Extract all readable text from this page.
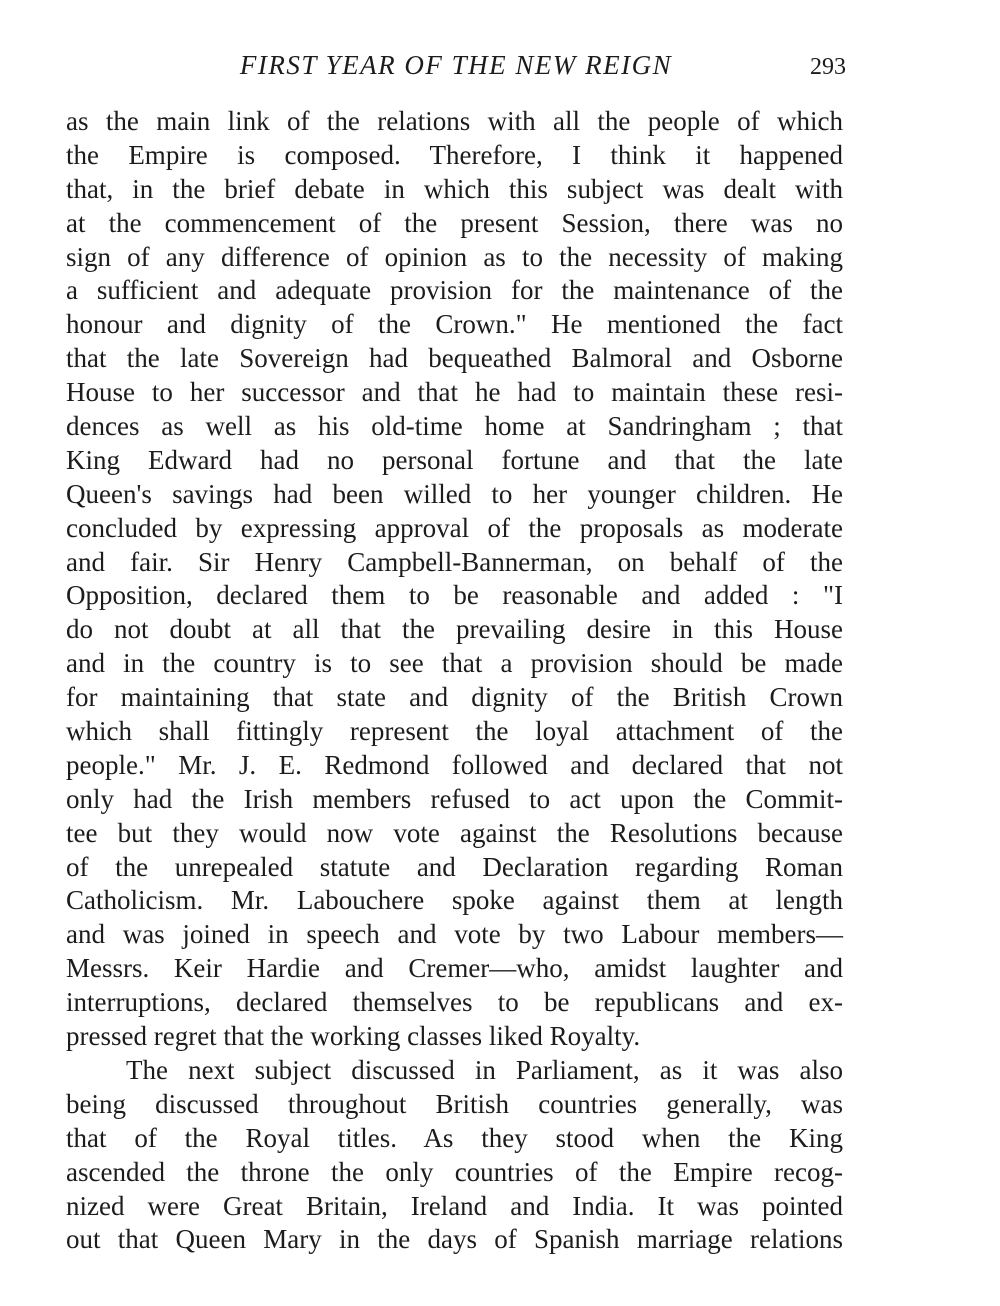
FIRST YEAR OF THE NEW REIGN	293
as the main link of the relations with all the people of which
the Empire is composed. Therefore, I think it happened
that, in the brief debate in which this subject was dealt with
at the commencement of the present Session, there was no
sign of any difference of opinion as to the necessity of making
a sufficient and adequate provision for the maintenance of the
honour and dignity of the Crown." He mentioned the fact
that the late Sovereign had bequeathed Balmoral and Osborne
House to her successor and that he had to maintain these resi-
dences as well as his old-time home at Sandringham ; that
King Edward had no personal fortune and that the late
Queen's savings had been willed to her younger children. He
concluded by expressing approval of the proposals as moderate
and fair. Sir Henry Campbell-Bannerman, on behalf of the
Opposition, declared them to be reasonable and added : "I
do not doubt at all that the prevailing desire in this House
and in the country is to see that a provision should be made
for maintaining that state and dignity of the British Crown
which shall fittingly represent the loyal attachment of the
people." Mr. J. E. Redmond followed and declared that not
only had the Irish members refused to act upon the Commit-
tee but they would now vote against the Resolutions because
of the unrepealed statute and Declaration regarding Roman
Catholicism. Mr. Labouchere spoke against them at length
and was joined in speech and vote by two Labour members—
Messrs. Keir Hardie and Cremer—who, amidst laughter and
interruptions, declared themselves to be republicans and ex-
pressed regret that the working classes liked Royalty.
The next subject discussed in Parliament, as it was also
being discussed throughout British countries generally, was
that of the Royal titles. As they stood when the King
ascended the throne the only countries of the Empire recog-
nized were Great Britain, Ireland and India. It was pointed
out that Queen Mary in the days of Spanish marriage relations
